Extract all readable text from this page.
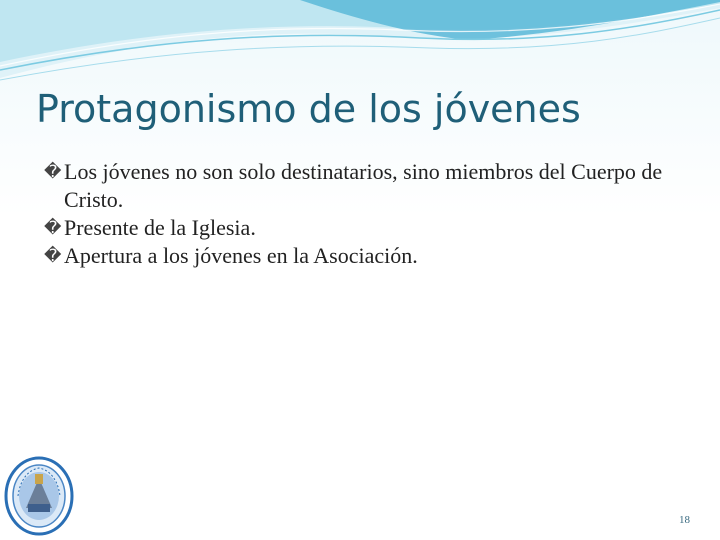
Protagonismo de los jóvenes
� Los jóvenes no son solo destinatarios, sino miembros del Cuerpo de Cristo.
� Presente de la Iglesia.
� Apertura a los jóvenes en la Asociación.
18
